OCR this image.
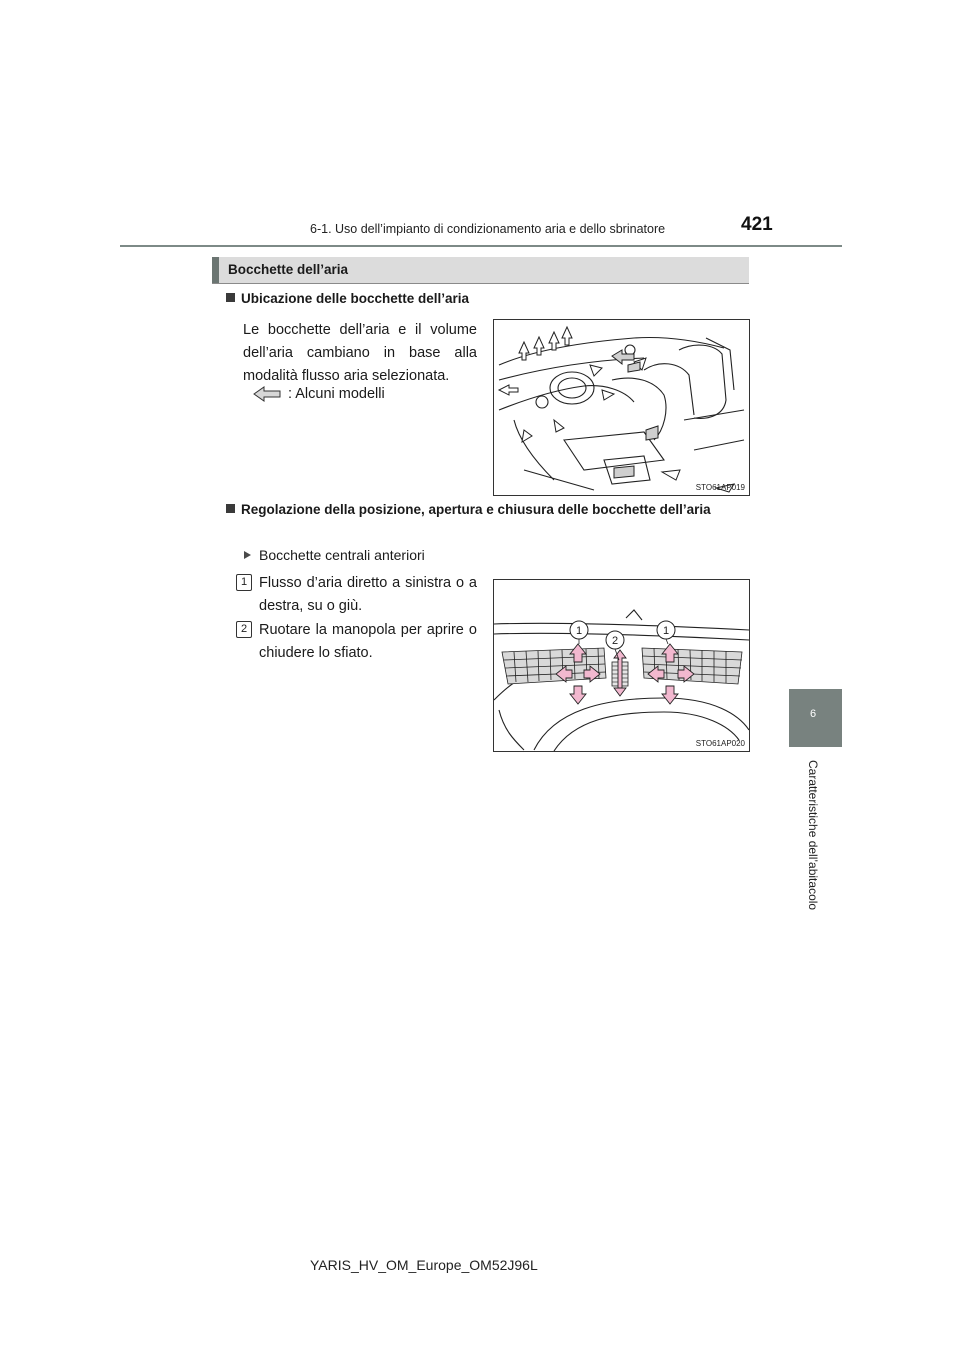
6-1. Uso dell’impianto di condizionamento aria e dello sbrinatore	421
6
Caratteristiche dell’abitacolo
Bocchette dell’aria
Ubicazione delle bocchette dell’aria
Le bocchette dell’aria e il volume dell’aria cambiano in base alla modalità flusso aria selezionata.
: Alcuni modelli
STO61AP019
Regolazione della posizione, apertura e chiusura delle bocchette dell’aria
Bocchette centrali anteriori
1 Flusso d’aria diretto a sinistra o a destra, su o giù.
2 Ruotare la manopola per aprire o chiudere lo sfiato.
1
2
1
STO61AP020
YARIS_HV_OM_Europe_OM52J96L
